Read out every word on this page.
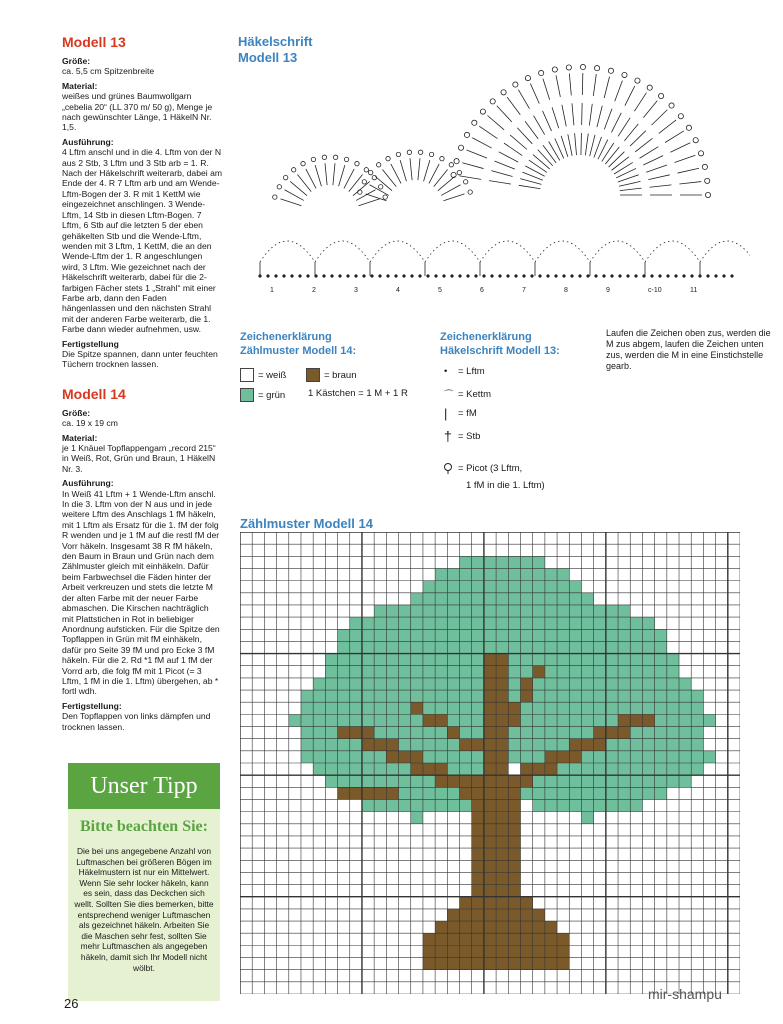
Modell 13

Größe:
ca. 5,5 cm Spitzenbreite

Material:
weißes und grünes Baumwollgarn „cebelia 20“ (LL 370 m/ 50 g), Menge je nach gewünschter Länge, 1 HäkelN Nr. 1,5.

Ausführung:
4 Lftm anschl und in die 4. Lftm von der N aus 2 Stb, 3 Lftm und 3 Stb arb = 1. R. Nach der Häkelschrift weiterarb, dabei am Ende der 4. R 7 Lftm arb und am Wende-Lftm-Bogen der 3. R mit 1 KettM wie eingezeichnet anschlingen. 3 Wende-Lftm, 14 Stb in diesen Lftm-Bogen. 7 Lftm, 6 Stb auf die letzten 5 der eben gehäkelten Stb und die Wende-Lftm, wenden mit 3 Lftm, 1 KettM, die an den Wende-Lftm der 1. R angeschlungen wird, 3 Lftm. Wie gezeichnet nach der Häkelschrift weiterarb, dabei für die 2-farbigen Fächer stets 1 „Strahl“ mit einer Farbe arb, dann den Faden hängenlassen und den nächsten Strahl mit der anderen Farbe weiterarb, die 1. Farbe dann wieder aufnehmen, usw.

Fertigstellung
Die Spitze spannen, dann unter feuchten Tüchern trocknen lassen.

Modell 14

Größe:
ca. 19 x 19 cm

Material:
je 1 Knäuel Topflappengarn „record 215“ in Weiß, Rot, Grün und Braun, 1 HäkelN Nr. 3.

Ausführung:
In Weiß 41 Lftm + 1 Wende-Lftm anschl. In die 3. Lftm von der N aus und in jede weitere Lftm des Anschlags 1 fM häkeln, mit 1 Lftm als Ersatz für die 1. fM der folg R wenden und je 1 fM auf die restl fM der Vorr häkeln. Insgesamt 38 R fM häkeln, den Baum in Braun und Grün nach dem Zählmuster gleich mit einhäkeln. Dafür beim Farbwechsel die Fäden hinter der Arbeit verkreuzen und stets die letzte M der alten Farbe mit der neuer Farbe abmaschen. Die Kirschen nachträglich mit Plattstichen in Rot in beliebiger Anordnung aufsticken. Für die Spitze den Topflappen in Grün mit fM einhäkeln, dafür pro Seite 39 fM und pro Ecke 3 fM häkeln. Für die 2. Rd *1 fM auf 1 fM der Vorrd arb, die folg fM mit 1 Picot (= 3 Lftm, 1 fM in die 1. Lftm) übergehen, ab * fortl wdh.

Fertigstellung:
Den Topflappen von links dämpfen und trocknen lassen.

Unser Tipp
Bitte beachten Sie:
Die bei uns angegebene Anzahl von Luftmaschen bei größeren Bögen im Häkelmustern ist nur ein Mittelwert. Wenn Sie sehr locker häkeln, kann es sein, dass das Deckchen sich wellt. Sollten Sie dies bemerken, bitte entsprechend weniger Luftmaschen als gezeichnet häkeln. Arbeiten Sie die Maschen sehr fest, sollten Sie mehr Luftmaschen als angegeben häkeln, damit sich Ihr Modell nicht wölbt.
26
Häkelschrift
Modell 13
1	2	3	4	5	6	7	8	9	c-10	11
Zeichenerklärung
Zählmuster Modell 14:
= weiß	= braun
= grün 1 Kästchen = 1 M + 1 R
Zeichenerklärung
Häkelschrift Modell 13:
•	= Lftm
⌒ = Kettm
|	= fM
† = Stb
= Picot (3 Lftm,
1 fM in die 1. Lftm)
Laufen die Zeichen oben zus, werden die M zus abgem, laufen die Zeichen unten zus, werden die M in eine Einstichstelle gearb.
Zählmuster Modell 14
mir-shampu
